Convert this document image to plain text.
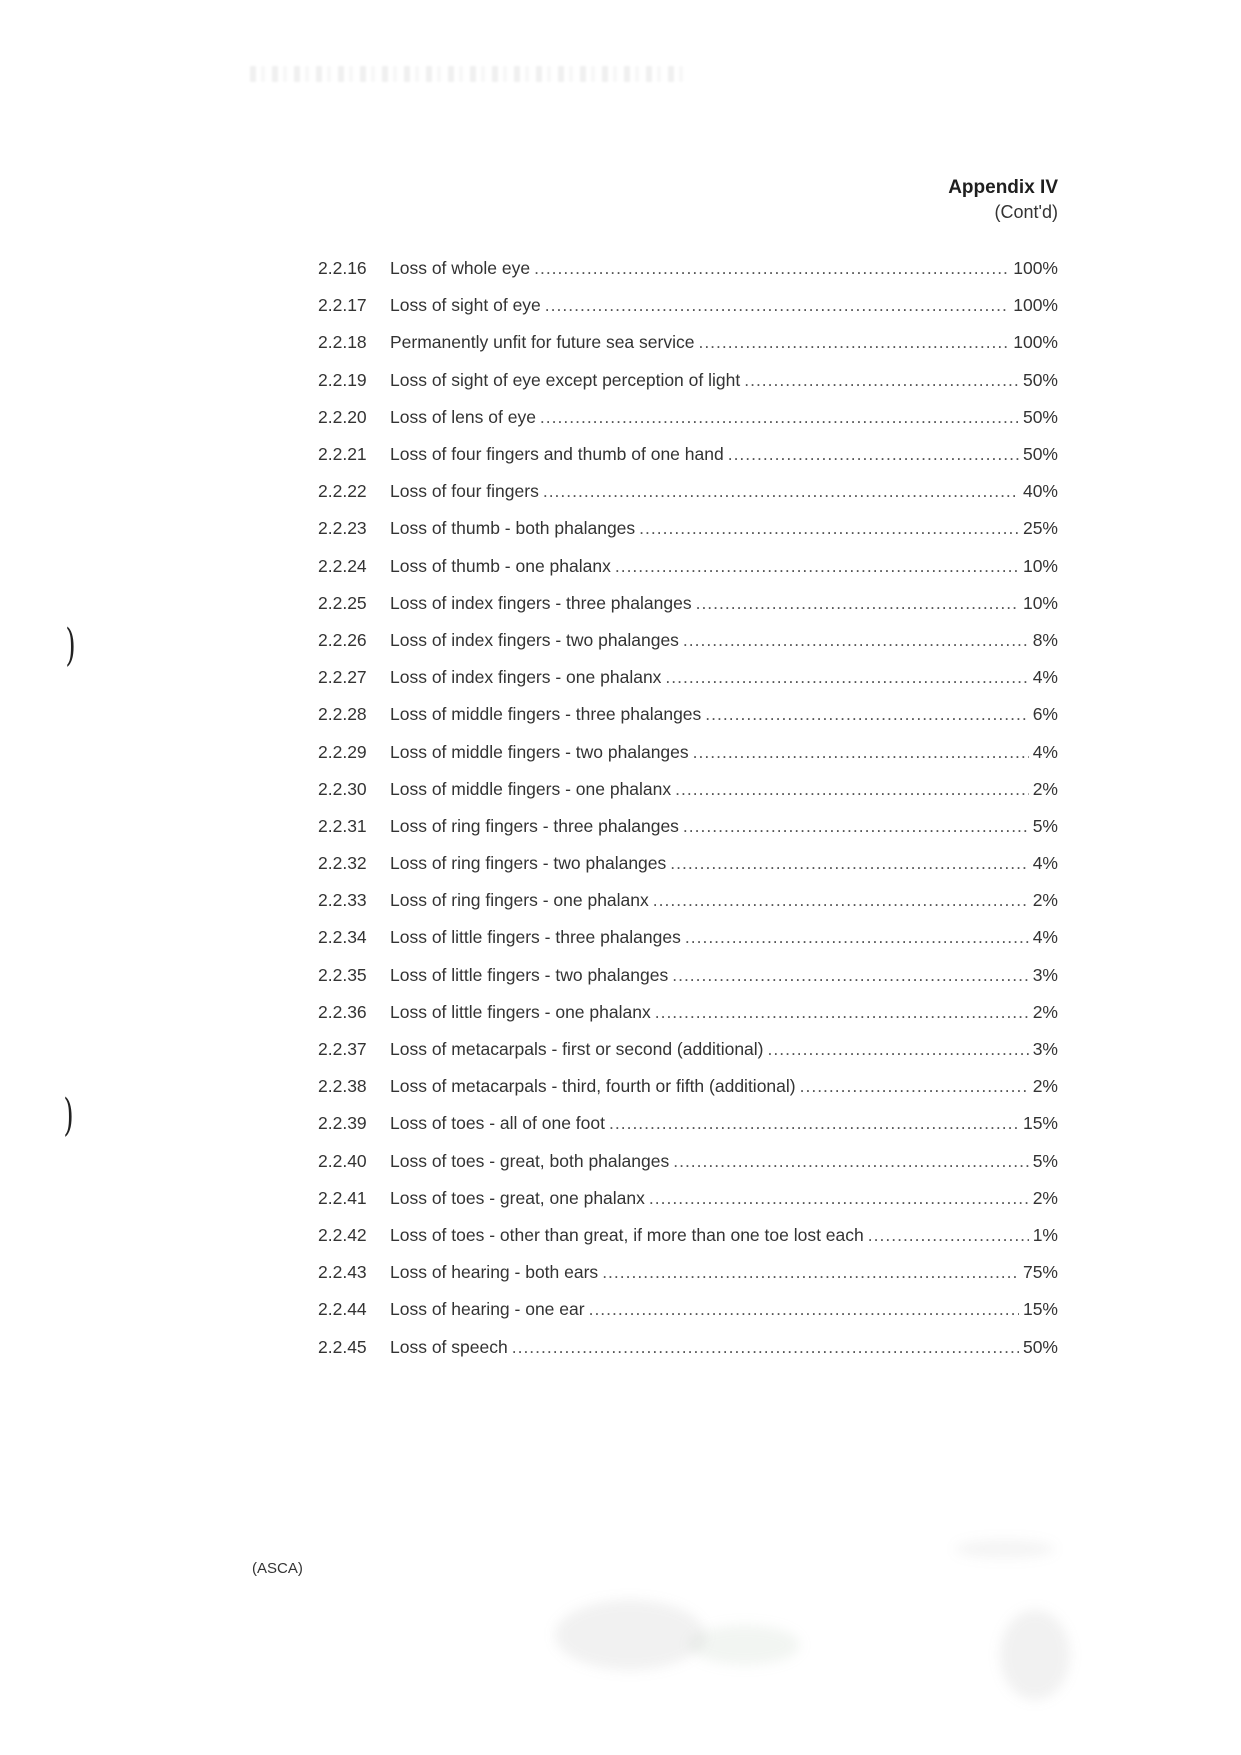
Appendix IV
(Cont'd)
2.2.16	Loss of whole eye .....	100%
2.2.17	Loss of sight of eye .....	100%
2.2.18	Permanently unfit for future sea service .....	100%
2.2.19	Loss of sight of eye except perception of light .....	50%
2.2.20	Loss of lens of eye .....	50%
2.2.21	Loss of four fingers and thumb of one hand .....	50%
2.2.22	Loss of four fingers .....	40%
2.2.23	Loss of thumb - both phalanges .....	25%
2.2.24	Loss of thumb - one phalanx .....	10%
2.2.25	Loss of index fingers - three phalanges .....	10%
2.2.26	Loss of index fingers - two phalanges .....	8%
2.2.27	Loss of index fingers - one phalanx .....	4%
2.2.28	Loss of middle fingers - three phalanges .....	6%
2.2.29	Loss of middle fingers - two phalanges .....	4%
2.2.30	Loss of middle fingers - one phalanx .....	2%
2.2.31	Loss of ring fingers - three phalanges .....	5%
2.2.32	Loss of ring fingers - two phalanges .....	4%
2.2.33	Loss of ring fingers - one phalanx .....	2%
2.2.34	Loss of little fingers - three phalanges .....	4%
2.2.35	Loss of little fingers - two phalanges .....	3%
2.2.36	Loss of little fingers - one phalanx .....	2%
2.2.37	Loss of metacarpals - first or second (additional) .....	3%
2.2.38	Loss of metacarpals - third, fourth or fifth (additional) .....	2%
2.2.39	Loss of toes - all of one foot .....	15%
2.2.40	Loss of toes - great, both phalanges .....	5%
2.2.41	Loss of toes - great, one phalanx .....	2%
2.2.42	Loss of toes - other than great, if more than one toe lost each .....	1%
2.2.43	Loss of hearing - both ears .....	75%
2.2.44	Loss of hearing - one ear .....	15%
2.2.45	Loss of speech .....	50%
)
)
(ASCA)
